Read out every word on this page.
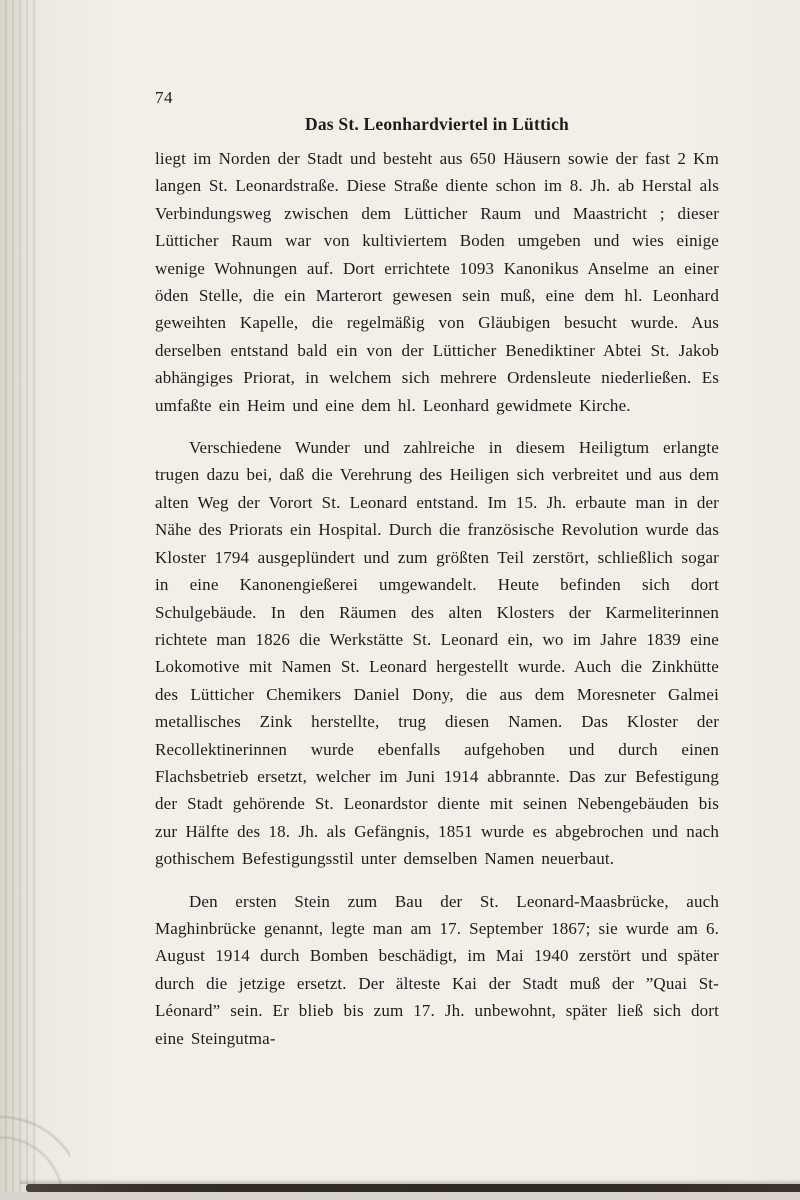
74
Das St. Leonhardviertel in Lüttich

liegt im Norden der Stadt und besteht aus 650 Häusern sowie der fast 2 Km langen St. Leonardstraße. Diese Straße diente schon im 8. Jh. ab Herstal als Verbindungsweg zwischen dem Lütticher Raum und Maastricht ; dieser Lütticher Raum war von kultiviertem Boden umgeben und wies einige wenige Wohnungen auf. Dort errichtete 1093 Kanonikus Anselme an einer öden Stelle, die ein Marterort gewesen sein muß, eine dem hl. Leonhard geweihten Kapelle, die regelmäßig von Gläubigen besucht wurde. Aus derselben entstand bald ein von der Lütticher Benediktiner Abtei St. Jakob abhängiges Priorat, in welchem sich mehrere Ordensleute niederließen. Es umfaßte ein Heim und eine dem hl. Leonhard gewidmete Kirche.

Verschiedene Wunder und zahlreiche in diesem Heiligtum erlangte trugen dazu bei, daß die Verehrung des Heiligen sich verbreitet und aus dem alten Weg der Vorort St. Leonard entstand. Im 15. Jh. erbaute man in der Nähe des Priorats ein Hospital. Durch die französische Revolution wurde das Kloster 1794 ausgeplündert und zum größten Teil zerstört, schließlich sogar in eine Kanonengießerei umgewandelt. Heute befinden sich dort Schulgebäude. In den Räumen des alten Klosters der Karmeliterinnen richtete man 1826 die Werkstätte St. Leonard ein, wo im Jahre 1839 eine Lokomotive mit Namen St. Leonard hergestellt wurde. Auch die Zinkhütte des Lütticher Chemikers Daniel Dony, die aus dem Moresneter Galmei metallisches Zink herstellte, trug diesen Namen. Das Kloster der Recollektinerinnen wurde ebenfalls aufgehoben und durch einen Flachsbetrieb ersetzt, welcher im Juni 1914 abbrannte. Das zur Befestigung der Stadt gehörende St. Leonardstor diente mit seinen Nebengebäuden bis zur Hälfte des 18. Jh. als Gefängnis, 1851 wurde es abgebrochen und nach gothischem Befestigungsstil unter demselben Namen neuerbaut.

Den ersten Stein zum Bau der St. Leonard-Maasbrücke, auch Maghinbrücke genannt, legte man am 17. September 1867; sie wurde am 6. August 1914 durch Bomben beschädigt, im Mai 1940 zerstört und später durch die jetzige ersetzt. Der älteste Kai der Stadt muß der ”Quai St-Léonard” sein. Er blieb bis zum 17. Jh. unbewohnt, später ließ sich dort eine Steingutma-
